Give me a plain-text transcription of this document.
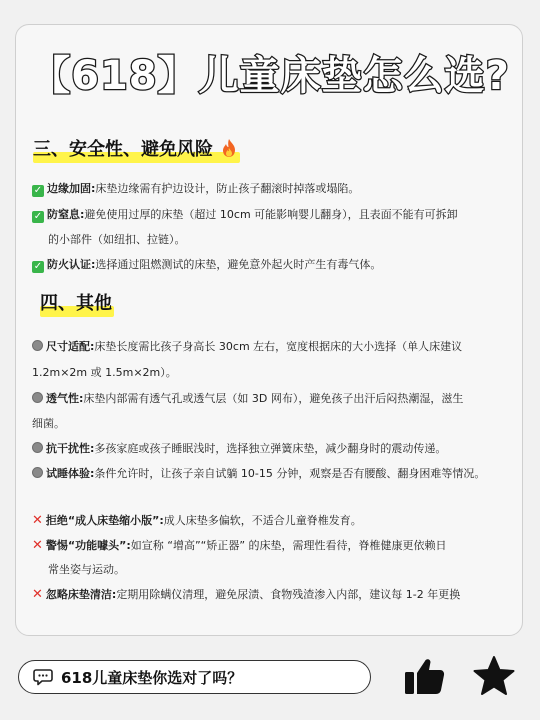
【618】儿童床垫怎么选?
三、安全性、避免风险
✓ 边缘加固:床垫边缘需有护边设计，防止孩子翻滚时掉落或塌陷。
✓ 防窒息:避免使用过厚的床垫（超过 10cm 可能影响婴儿翻身），且表面不能有可拆卸
的小部件（如纽扣、拉链）。
✓ 防火认证:选择通过阻燃测试的床垫，避免意外起火时产生有毒气体。
四、其他
尺寸适配:床垫长度需比孩子身高长 30cm 左右，宽度根据床的大小选择（单人床建议
1.2m×2m 或 1.5m×2m）。
透气性:床垫内部需有透气孔或透气层（如 3D 网布），避免孩子出汗后闷热潮湿，滋生
细菌。
抗干扰性:多孩家庭或孩子睡眠浅时，选择独立弹簧床垫，减少翻身时的震动传递。
试睡体验:条件允许时，让孩子亲自试躺 10-15 分钟，观察是否有腰酸、翻身困难等情况。
✕ 拒绝“成人床垫缩小版”:成人床垫多偏软，不适合儿童脊椎发育。
✕ 警惕“功能噱头”:如宣称 “增高”“矫正器” 的床垫，需理性看待，脊椎健康更依赖日
常坐姿与运动。
✕ 忽略床垫清洁:定期用除螨仪清理，避免尿渍、食物残渣渗入内部，建议每 1-2 年更换
618儿童床垫你选对了吗？
